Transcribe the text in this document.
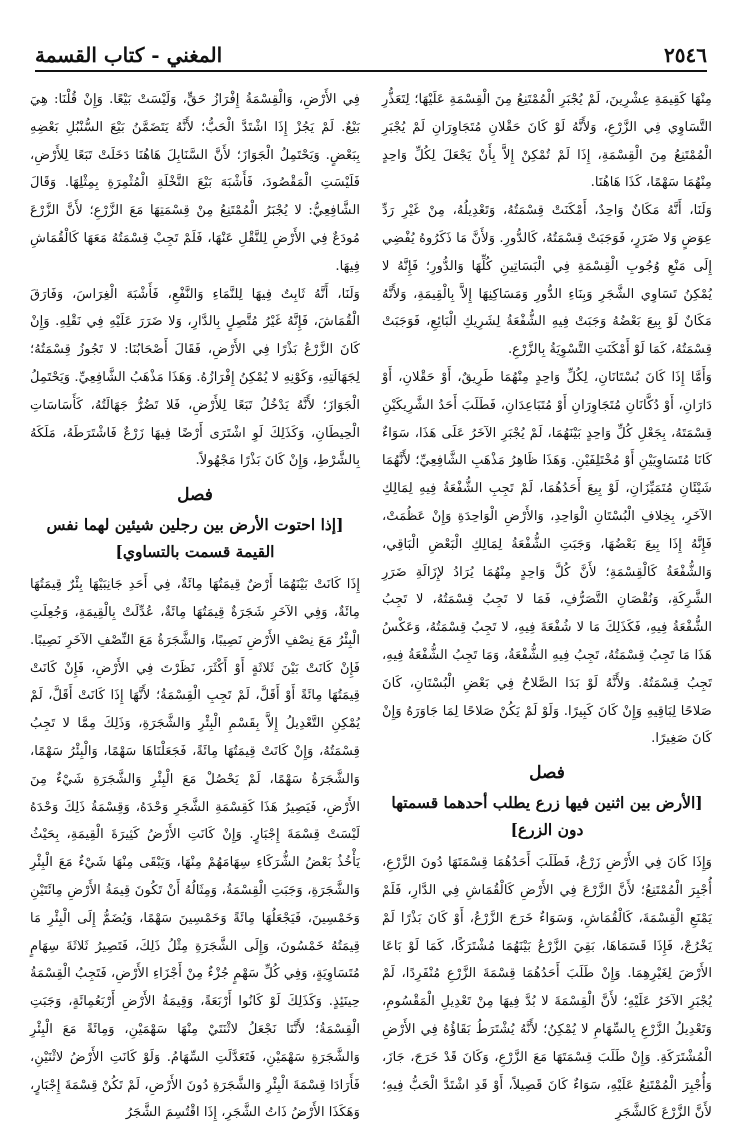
٢٥٤٦
المغني - كتاب القسمة

مِنْهَا كَقِيمَةِ عِشْرِينَ، لَمْ يُجْبَرِ الْمُمْتَنِعُ مِنَ الْقِسْمَةِ عَلَيْهَا؛ لِتَعَذُّرِ التَّسَاوِي فِي الزَّرْعِ، وَلأَنَّهُ لَوْ كَانَ حَقْلانِ مُتَجَاوِرَانِ لَمْ يُجْبَرِ الْمُمْتَنِعُ مِنَ الْقِسْمَةِ، إِذَا لَمْ تُمْكِنْ إِلاَّ بِأَنْ يَجْعَلَ لِكُلِّ وَاحِدٍ مِنْهُمَا سَهْمًا، كَذَا هَاهُنَا.

وَلَنَا، أَنَّهُ مَكَانٌ وَاحِدٌ، أَمْكَنَتْ قِسْمَتُهُ، وَتَعْدِيلُهُ، مِنْ غَيْرِ رَدِّ عِوَضٍ وَلا ضَرَرٍ، فَوَجَبَتْ قِسْمَتُهُ، كَالدُّورِ. وَلأَنَّ مَا ذَكَرُوهُ يُفْضِي إِلَى مَنْعِ وُجُوبِ الْقِسْمَةِ فِي الْبَسَاتِينِ كُلِّهَا وَالدُّورِ؛ فَإِنَّهُ لا يُمْكِنُ تَسَاوِي الشَّجَرِ وَبِنَاءِ الدُّورِ وَمَسَاكِنِهَا إِلاَّ بِالْقِيمَةِ، وَلأَنَّهُ مَكَانٌ لَوْ بِيعَ بَعْضُهُ وَجَبَتْ فِيهِ الشُّفْعَةُ لِشَرِيكِ الْبَائِعِ، فَوَجَبَتْ قِسْمَتُهُ، كَمَا لَوْ أَمْكَنَتِ التَّسْوِيَةُ بِالزَّرْعِ.

وَأَمَّا إِذَا كَانَ بُسْتَانَانِ، لِكُلِّ وَاحِدٍ مِنْهُمَا طَرِيقٌ، أَوْ حَقْلانِ، أَوْ دَارَانِ، أَوْ دُكَّانَانِ مُتَجَاوِرَانِ أَوْ مُتَبَاعِدَانِ، فَطَلَبَ أَحَدُ الشَّرِيكَيْنِ قِسْمَتَهُ، بِجَعْلِ كُلِّ وَاحِدٍ بَيْنَهُمَا، لَمْ يُجْبَرِ الآخَرُ عَلَى هَذَا، سَوَاءٌ كَانَا مُتَسَاوِيَيْنِ أَوْ مُخْتَلِفَيْنِ. وَهَذَا ظَاهِرُ مَذْهَبِ الشَّافِعِيِّ؛ لأَنَّهُمَا شَيْئَانِ مُتَمَيِّزَانِ، لَوْ بِيعَ أَحَدُهُمَا، لَمْ تَجِبِ الشُّفْعَةُ فِيهِ لِمَالِكِ الآخَرِ، بِخِلافِ الْبُسْتَانِ الْوَاحِدِ، وَالأَرْضِ الْوَاحِدَةِ وَإِنْ عَظُمَتْ، فَإِنَّهُ إِذَا بِيعَ بَعْضُهَا، وَجَبَتِ الشُّفْعَةُ لِمَالِكِ الْبَعْضِ الْبَاقِي، وَالشُّفْعَةُ كَالْقِسْمَةِ؛ لأَنَّ كُلَّ وَاحِدٍ مِنْهُمَا يُرَادُ لإِزَالَةِ ضَرَرِ الشَّرِكَةِ، وَنُقْصَانِ التَّصَرُّفِ، فَمَا لا تَجِبُ قِسْمَتُهُ، لا تَجِبُ الشُّفْعَةُ فِيهِ، فَكَذَلِكَ مَا لا شُفْعَةَ فِيهِ، لا تَجِبُ قِسْمَتُهُ، وَعَكْسُ هَذَا مَا تَجِبُ قِسْمَتُهُ، تَجِبُ فِيهِ الشُّفْعَةُ، وَمَا تَجِبُ الشُّفْعَةُ فِيهِ، تَجِبُ قِسْمَتُهُ. وَلأَنَّهُ لَوْ بَدَا الصَّلاحُ فِي بَعْضِ الْبُسْتَانِ، كَانَ صَلاحًا لِبَاقِيهِ وَإِنْ كَانَ كَبِيرًا. وَلَوْ لَمْ يَكُنْ صَلاحًا لِمَا جَاوَرَهُ وَإِنْ كَانَ صَغِيرًا.

فصل
[الأرض بين اثنين فيها زرع يطلب أحدهما قسمتها دون الزرع]

وَإِذَا كَانَ فِي الأَرْضِ زَرْعٌ، فَطَلَبَ أَحَدُهُمَا قِسْمَتَهَا دُونَ الزَّرْعِ، أُجْبِرَ الْمُمْتَنِعُ؛ لأَنَّ الزَّرْعَ فِي الأَرْضِ كَالْقُمَاشِ فِي الدَّارِ، فَلَمْ يَمْنَعِ الْقِسْمَةَ، كَالْقُمَاشِ، وَسَوَاءٌ خَرَجَ الزَّرْعُ، أَوْ كَانَ بَذْرًا لَمْ يَخْرُجْ، فَإِذَا قَسَمَاهَا، بَقِيَ الزَّرْعُ بَيْنَهُمَا مُشْتَرَكًا، كَمَا لَوْ بَاعَا الأَرْضَ لِغَيْرِهِمَا. وَإِنْ طَلَبَ أَحَدُهُمَا قِسْمَةَ الزَّرْعِ مُنْفَرِدًا، لَمْ يُجْبَرِ الآخَرُ عَلَيْهِ؛ لأَنَّ الْقِسْمَةَ لا بُدَّ فِيهَا مِنْ تَعْدِيلِ الْمَقْسُومِ، وَتَعْدِيلُ الزَّرْعِ بِالسِّهَامِ لا يُمْكِنُ؛ لأَنَّهُ يُشْتَرَطُ بَقَاؤُهُ فِي الأَرْضِ الْمُشْتَرَكَةِ. وَإِنْ طَلَبَ قِسْمَتَهَا مَعَ الزَّرْعِ، وَكَانَ قَدْ خَرَجَ، جَازَ، وَأُجْبِرَ الْمُمْتَنِعُ عَلَيْهِ، سَوَاءٌ كَانَ قَصِيلاً، أَوْ قَدِ اشْتَدَّ الْحَبُّ فِيهِ؛ لأَنَّ الزَّرْعَ كَالشَّجَرِ

فِي الأَرْضِ، وَالْقِسْمَةُ إِفْرَازُ حَقٍّ، وَلَيْسَتْ بَيْعًا. وَإِنْ قُلْنَا: هِيَ بَيْعٌ. لَمْ يَجُزْ إِذَا اشْتَدَّ الْحَبُّ؛ لأَنَّهُ يَتَضَمَّنُ بَيْعَ السُّنْبُلِ بَعْضِهِ بِبَعْضٍ. وَيَحْتَمِلُ الْجَوَازَ؛ لأَنَّ السَّنَابِلَ هَاهُنَا دَخَلَتْ تَبَعًا لِلأَرْضِ، فَلَيْسَتِ الْمَقْصُودَ، فَأَشْبَهَ بَيْعَ النَّخْلَةِ الْمُثْمِرَةِ بِمِثْلِهَا. وَقَالَ الشَّافِعِيُّ: لا يُجْبَرُ الْمُمْتَنِعُ مِنْ قِسْمَتِهَا مَعَ الزَّرْعِ؛ لأَنَّ الزَّرْعَ مُودَعٌ فِي الأَرْضِ لِلنَّقْلِ عَنْهَا، فَلَمْ تَجِبْ قِسْمَتُهُ مَعَهَا كَالْقُمَاشِ فِيهَا.

وَلَنَا، أَنَّهُ ثَابِتٌ فِيهَا لِلنَّمَاءِ وَالنَّفْعِ، فَأَشْبَهَ الْغِرَاسَ، وَفَارَقَ الْقُمَاشَ، فَإِنَّهُ غَيْرُ مُتَّصِلٍ بِالدَّارِ، وَلا ضَرَرَ عَلَيْهِ فِي نَقْلِهِ. وَإِنْ كَانَ الزَّرْعُ بَذْرًا فِي الأَرْضِ، فَقَالَ أَصْحَابُنَا: لا تَجُوزُ قِسْمَتُهُ؛ لِجَهَالَتِهِ، وَكَوْنِهِ لا يُمْكِنُ إِفْرَازُهُ. وَهَذَا مَذْهَبُ الشَّافِعِيِّ. وَيَحْتَمِلُ الْجَوَازَ؛ لأَنَّهُ يَدْخُلُ تَبَعًا لِلأَرْضِ، فَلا تَضُرُّ جَهَالَتُهُ، كَأَسَاسَاتِ الْحِيطَانِ، وَكَذَلِكَ لَوِ اشْتَرَى أَرْضًا فِيهَا زَرْعٌ فَاشْتَرَطَهُ، مَلَكَهُ بِالشَّرْطِ، وَإِنْ كَانَ بَذْرًا مَجْهُولاً.

فصل
[إذا احتوت الأرض بين رجلين شيئين لهما نفس القيمة قسمت بالتساوي]

إِذَا كَانَتْ بَيْنَهُمَا أَرْضٌ قِيمَتُهَا مِائَةٌ، فِي أَحَدِ جَانِبَيْهَا بِئْرٌ قِيمَتُهَا مِائَةٌ، وَفِي الآخَرِ شَجَرَةٌ قِيمَتُهَا مِائَةٌ، عُدِّلَتْ بِالْقِيمَةِ، وَجُعِلَتِ الْبِئْرُ مَعَ نِصْفِ الأَرْضِ نَصِيبًا، وَالشَّجَرَةُ مَعَ النِّصْفِ الآخَرِ نَصِيبًا. فَإِنْ كَانَتْ بَيْنَ ثَلاثَةٍ أَوْ أَكْثَرَ، نَظَرْتَ فِي الأَرْضِ، فَإِنْ كَانَتْ قِيمَتُهَا مِائَةً أَوْ أَقَلَّ، لَمْ تَجِبِ الْقِسْمَةُ؛ لأَنَّهَا إِذَا كَانَتْ أَقَلَّ، لَمْ يُمْكِنِ التَّعْدِيلُ إِلاَّ بِقَسْمِ الْبِئْرِ وَالشَّجَرَةِ، وَذَلِكَ مِمَّا لا تَجِبُ قِسْمَتُهُ، وَإِنْ كَانَتْ قِيمَتُهَا مِائَةً، فَجَعَلْنَاهَا سَهْمًا، وَالْبِئْرُ سَهْمًا، وَالشَّجَرَةُ سَهْمًا، لَمْ يَحْصُلْ مَعَ الْبِئْرِ وَالشَّجَرَةِ شَيْءٌ مِنَ الأَرْضِ، فَيَصِيرُ هَذَا كَقِسْمَةِ الشَّجَرِ وَحْدَهُ، وَقِسْمَةُ ذَلِكَ وَحْدَهُ لَيْسَتْ قِسْمَةَ إِجْبَارٍ. وَإِنْ كَانَتِ الأَرْضُ كَثِيرَةَ الْقِيمَةِ، بِحَيْثُ يَأْخُذُ بَعْضُ الشُّرَكَاءِ سِهَامَهُمْ مِنْهَا، وَيَبْقَى مِنْهَا شَيْءٌ مَعَ الْبِئْرِ وَالشَّجَرَةِ، وَجَبَتِ الْقِسْمَةُ، وَمِثَالُهُ أَنْ تَكُونَ قِيمَةُ الأَرْضِ مِائَتَيْنِ وَخَمْسِينَ، فَيَجْعَلُهَا مِائَةً وَخَمْسِينَ سَهْمًا، وَيُضَمُّ إِلَى الْبِئْرِ مَا قِيمَتُهُ خَمْسُونَ، وَإِلَى الشَّجَرَةِ مِثْلُ ذَلِكَ، فَتَصِيرُ ثَلاثَةَ سِهَامٍ مُتَسَاوِيَةٍ، وَفِي كُلِّ سَهْمٍ جُزْءٌ مِنْ أَجْزَاءِ الأَرْضِ، فَتَجِبُ الْقِسْمَةُ حِينَئِذٍ. وَكَذَلِكَ لَوْ كَانُوا أَرْبَعَةً، وَقِيمَةُ الأَرْضِ أَرْبَعُمِائَةٍ، وَجَبَتِ الْقِسْمَةُ؛ لأَنَّنَا نَجْعَلُ لاثْنَتَيْ مِنْهَا سَهْمَيْنِ، وَمِائَةً مَعَ الْبِئْرِ وَالشَّجَرَةِ سَهْمَيْنِ، فَتَعَدَّلَتِ السِّهَامُ. وَلَوْ كَانَتِ الأَرْضُ لاثْنَيْنِ، فَأَرَادَا قِسْمَةَ الْبِئْرِ وَالشَّجَرَةِ دُونَ الأَرْضِ، لَمْ تَكُنْ قِسْمَةَ إِجْبَارٍ، وَهَكَذَا الأَرْضُ ذَاتُ الشَّجَرِ، إِذَا اقْتُسِمَ الشَّجَرُ
